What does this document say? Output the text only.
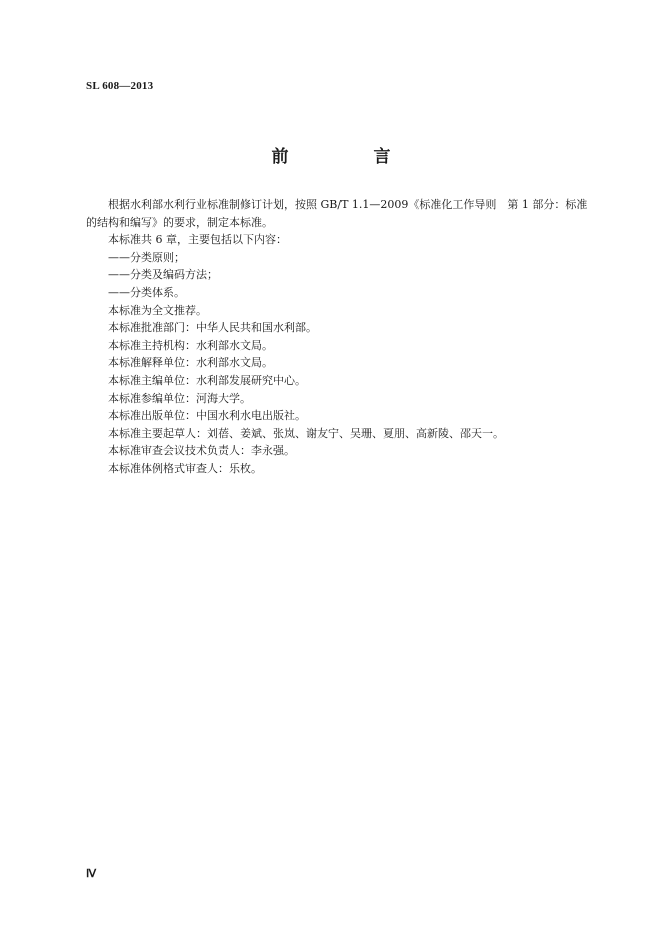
SL 608—2013
前　言

根据水利部水利行业标准制修订计划，按照 GB/T 1.1—2009《标准化工作导则　第 1 部分：标准的结构和编写》的要求，制定本标准。

本标准共 6 章，主要包括以下内容：

——分类原则；

——分类及编码方法；

——分类体系。

本标准为全文推荐。

本标准批准部门：中华人民共和国水利部。

本标准主持机构：水利部水文局。

本标准解释单位：水利部水文局。

本标准主编单位：水利部发展研究中心。

本标准参编单位：河海大学。

本标准出版单位：中国水利水电出版社。

本标准主要起草人：刘蓓、姜斌、张岚、谢友宁、吴珊、夏朋、高新陵、邵天一。

本标准审查会议技术负责人：李永强。

本标准体例格式审查人：乐枚。

Ⅳ
